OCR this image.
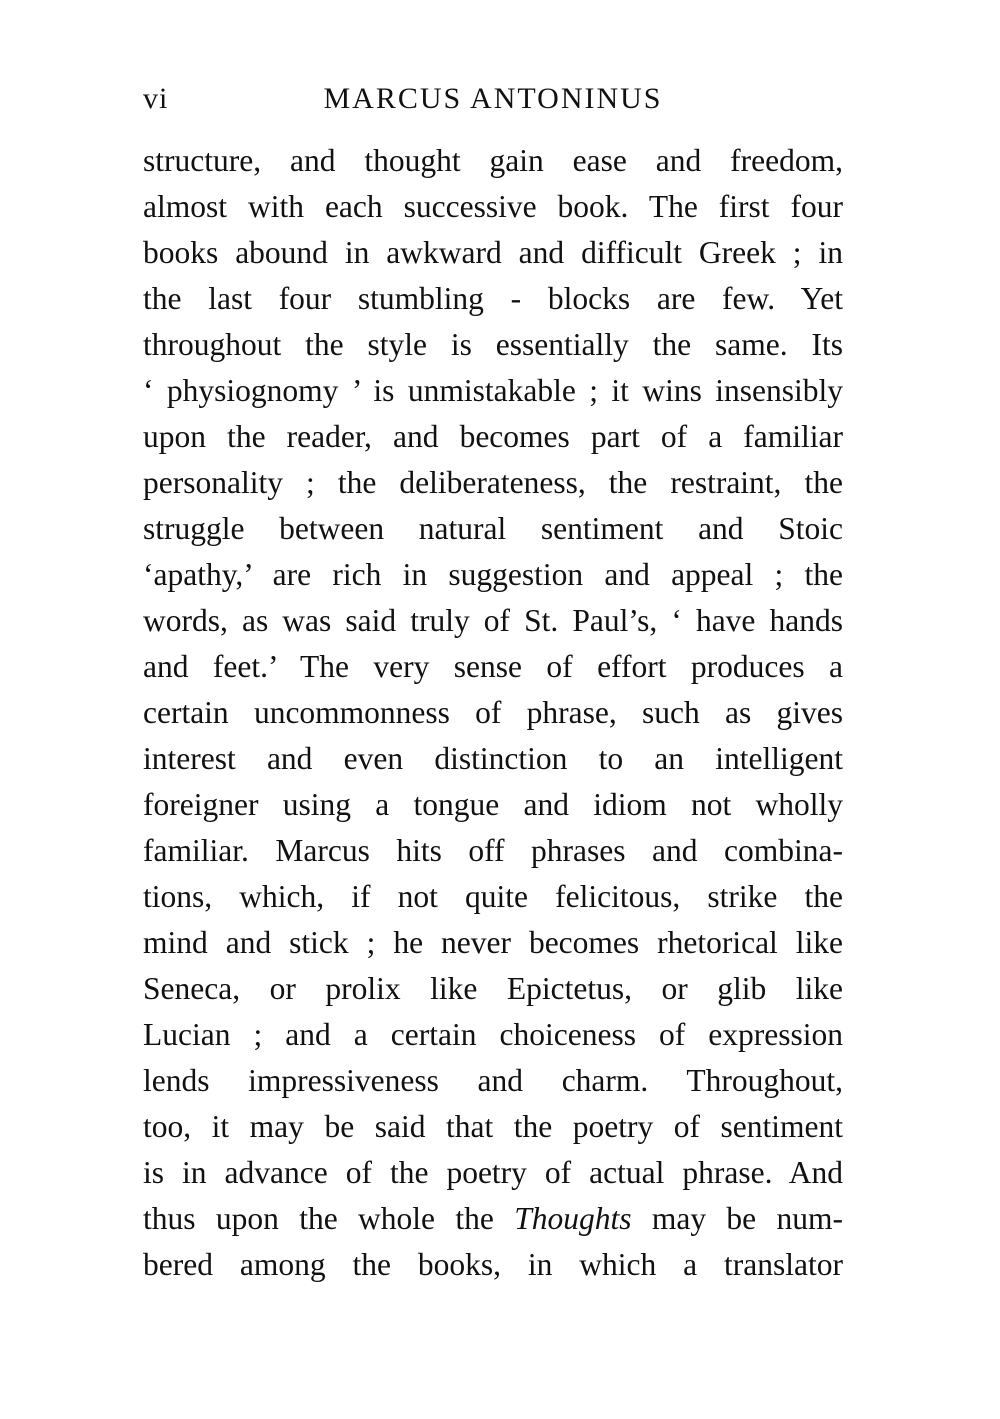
vi	MARCUS ANTONINUS
structure, and thought gain ease and freedom,
almost with each successive book. The first four
books abound in awkward and difficult Greek ; in
the last four stumbling - blocks are few. Yet
throughout the style is essentially the same. Its
‘ physiognomy ’ is unmistakable ; it wins insensibly
upon the reader, and becomes part of a familiar
personality ; the deliberateness, the restraint, the
struggle between natural sentiment and Stoic
‘apathy,’ are rich in suggestion and appeal ; the
words, as was said truly of St. Paul’s, ‘ have hands
and feet.’ The very sense of effort produces a
certain uncommonness of phrase, such as gives
interest and even distinction to an intelligent
foreigner using a tongue and idiom not wholly
familiar. Marcus hits off phrases and combina-
tions, which, if not quite felicitous, strike the
mind and stick ; he never becomes rhetorical like
Seneca, or prolix like Epictetus, or glib like
Lucian ; and a certain choiceness of expression
lends impressiveness and charm. Throughout,
too, it may be said that the poetry of sentiment
is in advance of the poetry of actual phrase. And
thus upon the whole the Thoughts may be num-
bered among the books, in which a translator
